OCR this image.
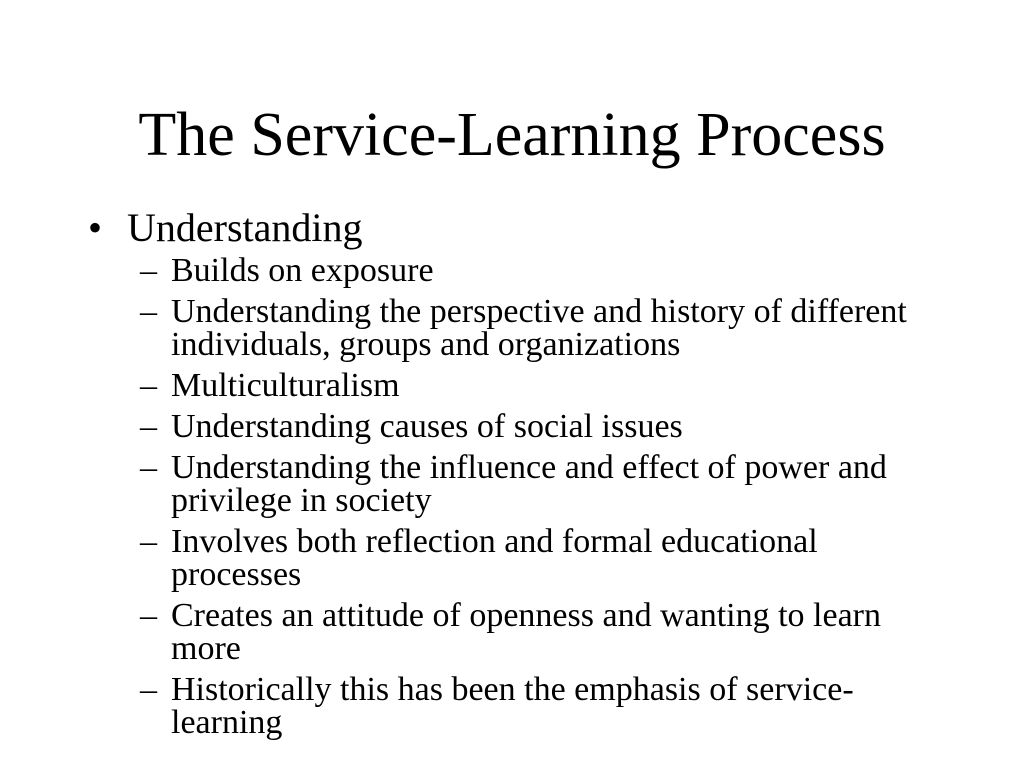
The Service-Learning Process
• Understanding
– Builds on exposure
– Understanding the perspective and history of different individuals, groups and organizations
– Multiculturalism
– Understanding causes of social issues
– Understanding the influence and effect of power and privilege in society
– Involves both reflection and formal educational processes
– Creates an attitude of openness and wanting to learn more
– Historically this has been the emphasis of service-learning
